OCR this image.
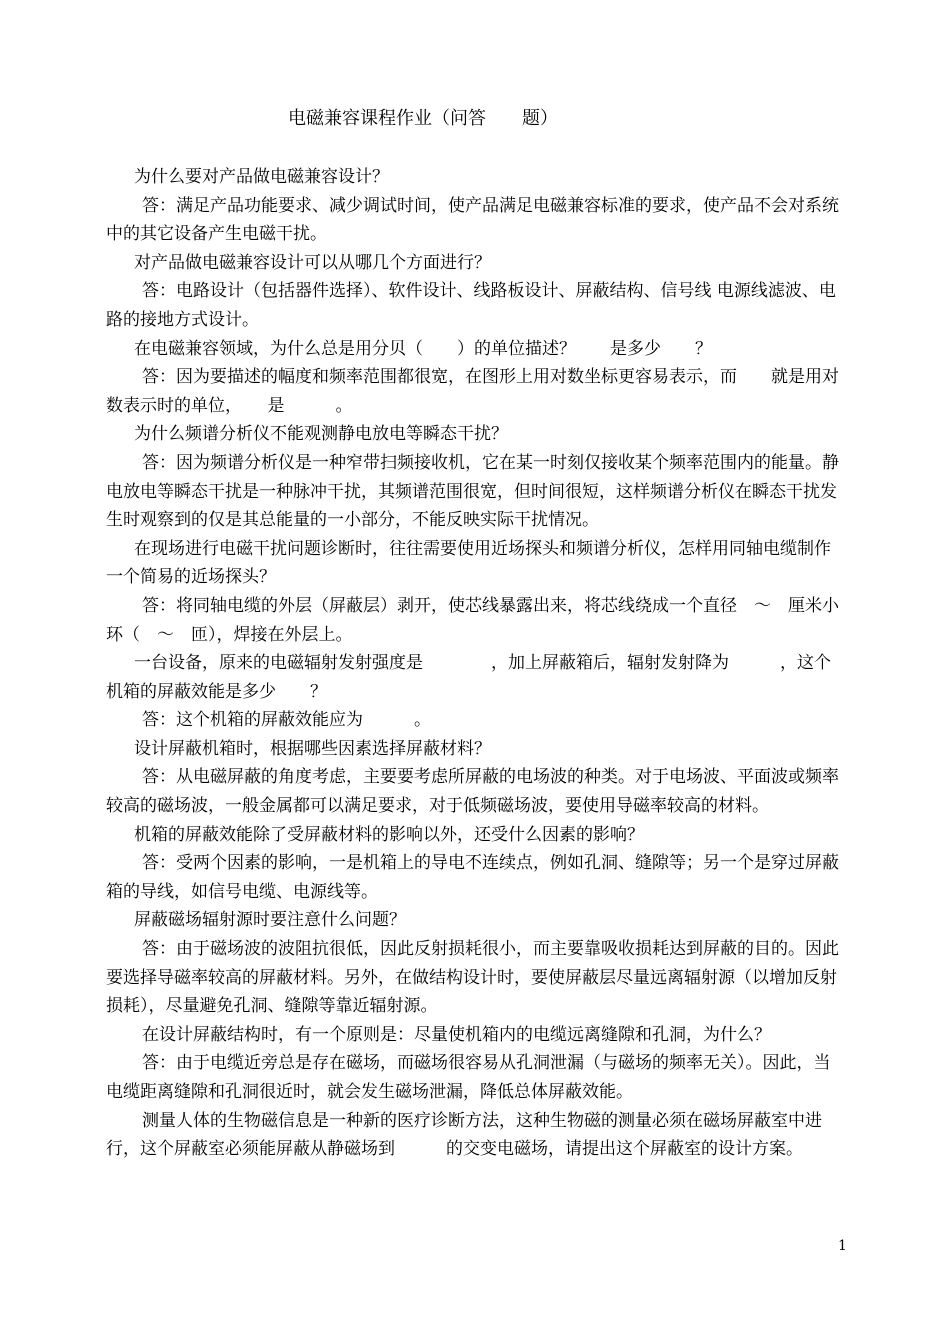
电磁兼容课程作业（问答　　题）

为什么要对产品做电磁兼容设计？

答：满足产品功能要求、减少调试时间，使产品满足电磁兼容标准的要求，使产品不会对系统中的其它设备产生电磁干扰。

对产品做电磁兼容设计可以从哪几个方面进行？

答：电路设计（包括器件选择）、软件设计、线路板设计、屏蔽结构、信号线 电源线滤波、电路的接地方式设计。

在电磁兼容领域，为什么总是用分贝（　　）的单位描述？　　是多少　　？

答：因为要描述的幅度和频率范围都很宽，在图形上用对数坐标更容易表示，而　　就是用对数表示时的单位，　　是　　　。

为什么频谱分析仪不能观测静电放电等瞬态干扰？

答：因为频谱分析仪是一种窄带扫频接收机，它在某一时刻仅接收某个频率范围内的能量。静电放电等瞬态干扰是一种脉冲干扰，其频谱范围很宽，但时间很短，这样频谱分析仪在瞬态干扰发生时观察到的仅是其总能量的一小部分，不能反映实际干扰情况。

在现场进行电磁干扰问题诊断时，往往需要使用近场探头和频谱分析仪，怎样用同轴电缆制作一个简易的近场探头？

答：将同轴电缆的外层（屏蔽层）剥开，使芯线暴露出来，将芯线绕成一个直径　～　厘米小环（　～　匝），焊接在外层上。

一台设备，原来的电磁辐射发射强度是　　　　，加上屏蔽箱后，辐射发射降为　　　，这个机箱的屏蔽效能是多少　　？

答：这个机箱的屏蔽效能应为　　　。

设计屏蔽机箱时，根据哪些因素选择屏蔽材料？

答：从电磁屏蔽的角度考虑，主要要考虑所屏蔽的电场波的种类。对于电场波、平面波或频率较高的磁场波，一般金属都可以满足要求，对于低频磁场波，要使用导磁率较高的材料。

机箱的屏蔽效能除了受屏蔽材料的影响以外，还受什么因素的影响？

答：受两个因素的影响，一是机箱上的导电不连续点，例如孔洞、缝隙等；另一个是穿过屏蔽箱的导线，如信号电缆、电源线等。

屏蔽磁场辐射源时要注意什么问题？

答：由于磁场波的波阻抗很低，因此反射损耗很小，而主要靠吸收损耗达到屏蔽的目的。因此要选择导磁率较高的屏蔽材料。另外，在做结构设计时，要使屏蔽层尽量远离辐射源（以增加反射损耗），尽量避免孔洞、缝隙等靠近辐射源。

在设计屏蔽结构时，有一个原则是：尽量使机箱内的电缆远离缝隙和孔洞，为什么？

答：由于电缆近旁总是存在磁场，而磁场很容易从孔洞泄漏（与磁场的频率无关）。因此，当电缆距离缝隙和孔洞很近时，就会发生磁场泄漏，降低总体屏蔽效能。

测量人体的生物磁信息是一种新的医疗诊断方法，这种生物磁的测量必须在磁场屏蔽室中进行，这个屏蔽室必须能屏蔽从静磁场到　　　的交变电磁场，请提出这个屏蔽室的设计方案。

1
